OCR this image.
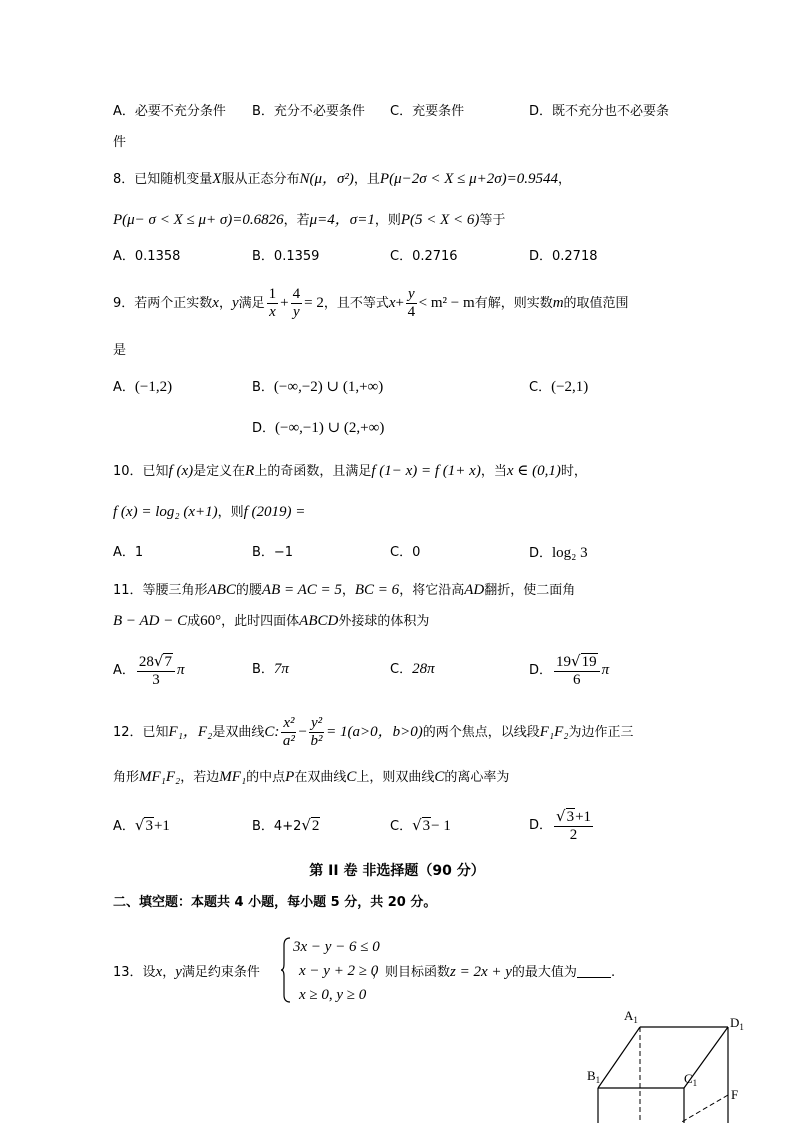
A．必要不充分条件 B．充分不必要条件 C．充要条件	D．既不充分也不必要条
件
8．已知随机变量X服从正态分布N(μ，σ²)，且P(μ−2σ < X ≤ μ+2σ)=0.9544，
P(μ− σ < X ≤ μ+ σ)=0.6826，若μ=4，σ=1，则P(5 < X < 6)等于
A．0.1358	B．0.1359	C．0.2716	D．0.2718
9．若两个正实数x，y满足 $\frac{1}{x} + \frac{4}{y} = 2$，且不等式$x+ \frac{y}{4} < m^2 - m$有解，则实数m的取值范围
是
A．(−1,2)	B．(−∞,−2) ∪ (1,+∞)	C．(−2,1)
D．(−∞,−1) ∪ (2,+∞)
10．已知f (x)是定义在R上的奇函数，且满足f (1− x) = f (1+ x)，当x ∈ (0,1)时，
f (x) = log₂ (x+1)，则f (2019) =
A．1	B．−1	C．0	D．log₂ 3
11．等腰三角形ABC的腰AB = AC = 5，BC = 6，将它沿高AD翻折，使二面角
B − AD − C成60°，此时四面体ABCD外接球的体积为
A． $\frac{28√7}{3}$ π	B．7π	C．28π	D． $\frac{19√19}{6}$ π
12．已知F₁，F₂是双曲线C: $\frac{\text{x²}}{\text{a²}} - \frac{\text{y²}}{\text{b²}} = 1(a>0$，b>0)的两个焦点，以线段F₁F₂为边作正三
角形MF₁F₂，若边MF₁的中点P在双曲线C上，则双曲线C的离心率为
A．√3+1	B．4+2√2	C．√3− 1	D． $\frac{√3+1}{2}$
第 II 卷 非选择题（90 分）
二、填空题：本题共 4 小题，每小题 5 分，共 20 分。
13．设x，y满足约束条件
3x − y − 6 ≤ 0
x − y + 2 ≥ 0
x ≥ 0, y ≥ 0
，则目标函数z = 2x + y的最大值为	.
$A_1$	$D_1$
$B_1$	$C_1$
F
